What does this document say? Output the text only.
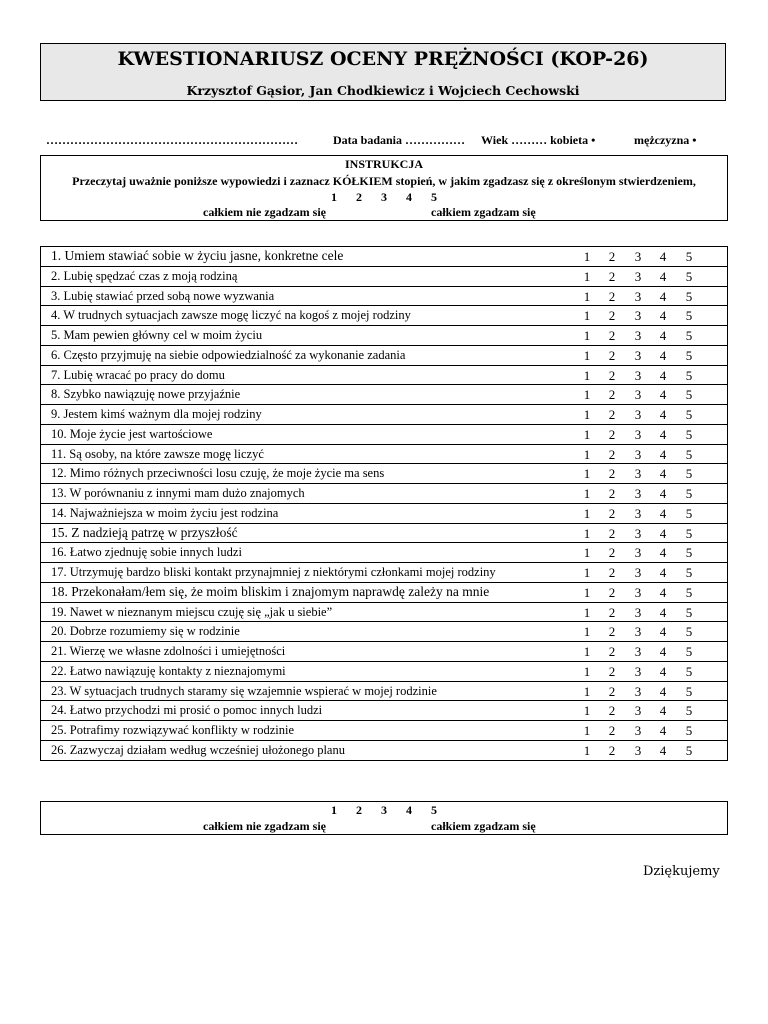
KWESTIONARIUSZ OCENY PRĘŻNOŚCI (KOP-26)
Krzysztof Gąsior, Jan Chodkiewicz i Wojciech Cechowski
………………………………………………………	Data badania …………… Wiek ……… kobieta •	mężczyzna •
INSTRUKCJA
Przeczytaj uważnie poniższe wypowiedzi i zaznacz KÓŁKIEM stopień, w jakim zgadzasz się z określonym stwierdzeniem,
1 2 3 4 5
całkiem nie zgadzam się	całkiem zgadzam się
1. Umiem stawiać sobie w życiu jasne, konkretne cele	1	2	3	4	5
2. Lubię spędzać czas z moją rodziną	1	2	3	4	5
3. Lubię stawiać przed sobą nowe wyzwania	1	2	3	4	5
4. W trudnych sytuacjach zawsze mogę liczyć na kogoś z mojej rodziny	1	2	3	4	5
5. Mam pewien główny cel w moim życiu	1	2	3	4	5
6. Często przyjmuję na siebie odpowiedzialność za wykonanie zadania	1	2	3	4	5
7. Lubię wracać po pracy do domu	1	2	3	4	5
8. Szybko nawiązuję nowe przyjaźnie	1	2	3	4	5
9. Jestem kimś ważnym dla mojej rodziny	1	2	3	4	5
10. Moje życie jest wartościowe	1	2	3	4	5
11. Są osoby, na które zawsze mogę liczyć	1	2	3	4	5
12. Mimo różnych przeciwności losu czuję, że moje życie ma sens	1	2	3	4	5
13. W porównaniu z innymi mam dużo znajomych	1	2	3	4	5
14. Najważniejsza w moim życiu jest rodzina	1	2	3	4	5
15. Z nadzieją patrzę w przyszłość	1	2	3	4	5
16. Łatwo zjednuję sobie innych ludzi	1	2	3	4	5
17. Utrzymuję bardzo bliski kontakt przynajmniej z niektórymi członkami mojej rodziny	1	2	3	4	5
18. Przekonałam/łem się, że moim bliskim i znajomym naprawdę zależy na mnie	1	2	3	4	5
19. Nawet w nieznanym miejscu czuję się „jak u siebie”	1	2	3	4	5
20. Dobrze rozumiemy się w rodzinie	1	2	3	4	5
21. Wierzę we własne zdolności i umiejętności	1	2	3	4	5
22. Łatwo nawiązuję kontakty z nieznajomymi	1	2	3	4	5
23. W sytuacjach trudnych staramy się wzajemnie wspierać w mojej rodzinie	1	2	3	4	5
24. Łatwo przychodzi mi prosić o pomoc innych ludzi	1	2	3	4	5
25. Potrafimy rozwiązywać konflikty w rodzinie	1	2	3	4	5
26. Zazwyczaj działam według wcześniej ułożonego planu	1	2	3	4	5
1 2 3 4 5
całkiem nie zgadzam się	całkiem zgadzam się
Dziękujemy
